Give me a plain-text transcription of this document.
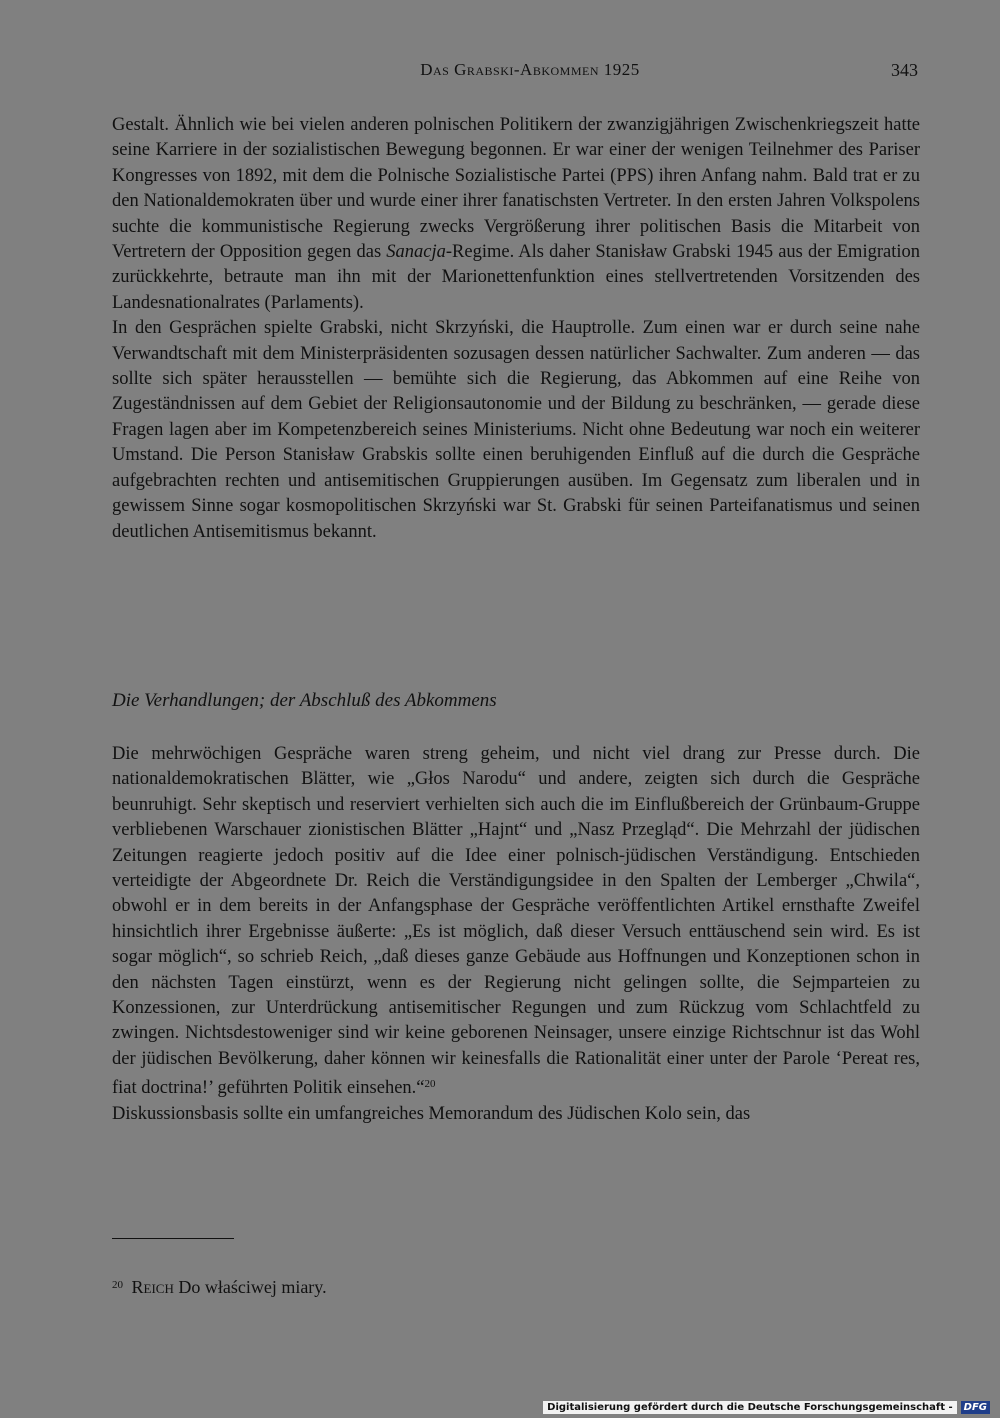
Das Grabski-Abkommen 1925	343

Gestalt. Ähnlich wie bei vielen anderen polnischen Politikern der zwanzigjährigen Zwischenkriegszeit hatte seine Karriere in der sozialistischen Bewegung begonnen. Er war einer der wenigen Teilnehmer des Pariser Kongresses von 1892, mit dem die Polnische Sozialistische Partei (PPS) ihren Anfang nahm. Bald trat er zu den Nationaldemokraten über und wurde einer ihrer fanatischsten Vertreter. In den ersten Jahren Volkspolens suchte die kommunistische Regierung zwecks Vergrößerung ihrer politischen Basis die Mitarbeit von Vertretern der Opposition gegen das Sanacja-Regime. Als daher Stanisław Grabski 1945 aus der Emigration zurückkehrte, betraute man ihn mit der Marionettenfunktion eines stellvertretenden Vorsitzenden des Landesnationalrates (Parlaments).

In den Gesprächen spielte Grabski, nicht Skrzyński, die Hauptrolle. Zum einen war er durch seine nahe Verwandtschaft mit dem Ministerpräsidenten sozusagen dessen natürlicher Sachwalter. Zum anderen — das sollte sich später herausstellen — bemühte sich die Regierung, das Abkommen auf eine Reihe von Zugeständnissen auf dem Gebiet der Religionsautonomie und der Bildung zu beschränken, — gerade diese Fragen lagen aber im Kompetenzbereich seines Ministeriums. Nicht ohne Bedeutung war noch ein weiterer Umstand. Die Person Stanisław Grabskis sollte einen beruhigenden Einfluß auf die durch die Gespräche aufgebrachten rechten und antisemitischen Gruppierungen ausüben. Im Gegensatz zum liberalen und in gewissem Sinne sogar kosmopolitischen Skrzyński war St. Grabski für seinen Parteifanatismus und seinen deutlichen Antisemitismus bekannt.

Die Verhandlungen; der Abschluß des Abkommens

Die mehrwöchigen Gespräche waren streng geheim, und nicht viel drang zur Presse durch. Die nationaldemokratischen Blätter, wie „Głos Narodu“ und andere, zeigten sich durch die Gespräche beunruhigt. Sehr skeptisch und reserviert verhielten sich auch die im Einflußbereich der Grünbaum-Gruppe verbliebenen Warschauer zionistischen Blätter „Hajnt“ und „Nasz Przegląd“. Die Mehrzahl der jüdischen Zeitungen reagierte jedoch positiv auf die Idee einer polnisch-jüdischen Verständigung. Entschieden verteidigte der Abgeordnete Dr. Reich die Verständigungsidee in den Spalten der Lemberger „Chwila“, obwohl er in dem bereits in der Anfangsphase der Gespräche veröffentlichten Artikel ernsthafte Zweifel hinsichtlich ihrer Ergebnisse äußerte: „Es ist möglich, daß dieser Versuch enttäuschend sein wird. Es ist sogar möglich“, so schrieb Reich, „daß dieses ganze Gebäude aus Hoffnungen und Konzeptionen schon in den nächsten Tagen einstürzt, wenn es der Regierung nicht gelingen sollte, die Sejmparteien zu Konzessionen, zur Unterdrückung antisemitischer Regungen und zum Rückzug vom Schlachtfeld zu zwingen. Nichtsdestoweniger sind wir keine geborenen Neinsager, unsere einzige Richtschnur ist das Wohl der jüdischen Bevölkerung, daher können wir keinesfalls die Rationalität einer unter der Parole ‘Pereat res, fiat doctrina!’ geführten Politik einsehen.“$^{20}$

Diskussionsbasis sollte ein umfangreiches Memorandum des Jüdischen Kolo sein, das

$^{20}$ Reich Do właściwej miary.
Digitalisierung gefördert durch die Deutsche Forschungsgemeinschaft -	DFG
